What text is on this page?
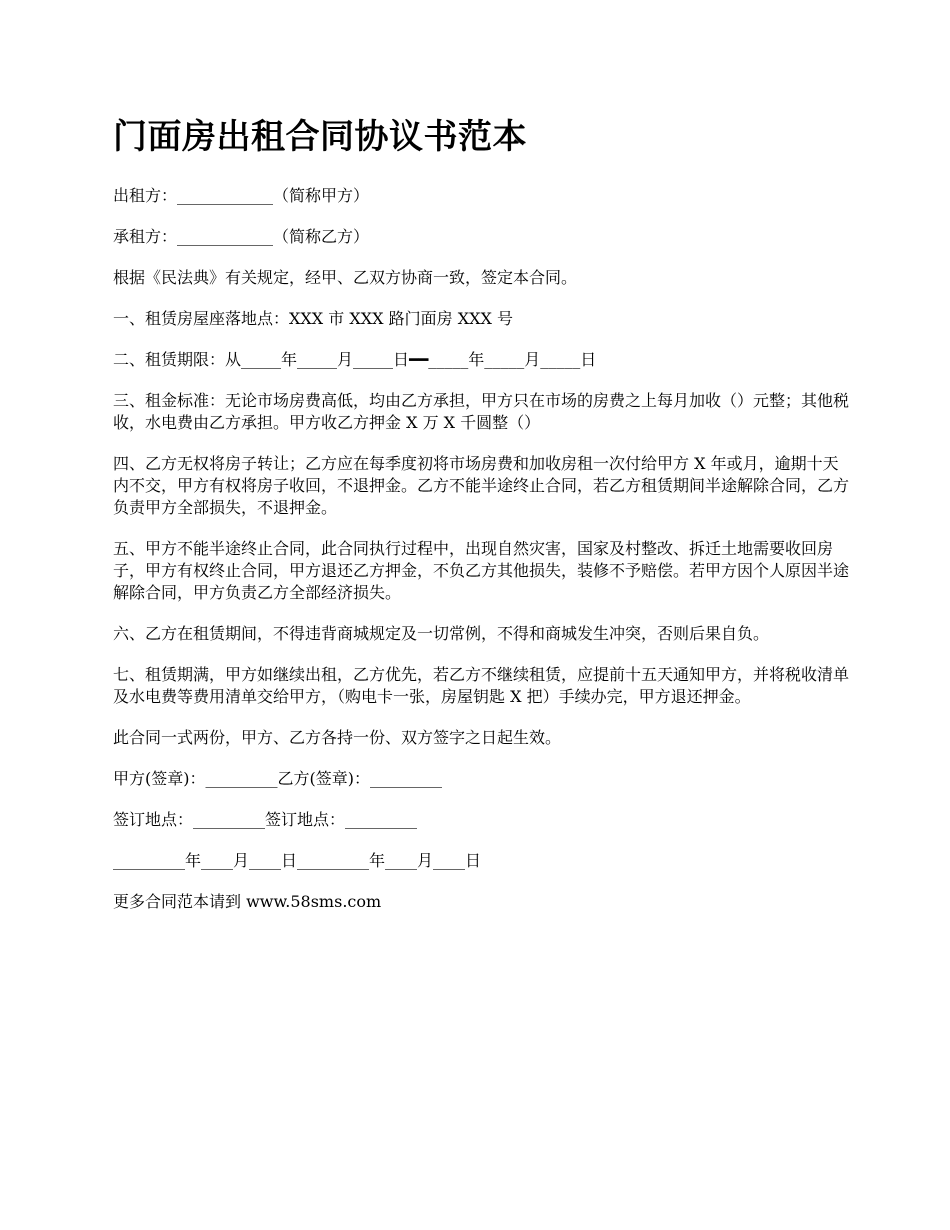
门面房出租合同协议书范本

出租方：____________（简称甲方）

承租方：____________（简称乙方）

根据《民法典》有关规定，经甲、乙双方协商一致，签定本合同。

一、租赁房屋座落地点：XXX 市 XXX 路门面房 XXX 号

二、租赁期限：从_____年_____月_____日━━_____年_____月_____日

三、租金标准：无论市场房费高低，均由乙方承担，甲方只在市场的房费之上每月加收（）元整；其他税收，水电费由乙方承担。甲方收乙方押金 X 万 X 千圆整（）

四、乙方无权将房子转让；乙方应在每季度初将市场房费和加收房租一次付给甲方 X 年或月，逾期十天内不交，甲方有权将房子收回，不退押金。乙方不能半途终止合同，若乙方租赁期间半途解除合同，乙方负责甲方全部损失，不退押金。

五、甲方不能半途终止合同，此合同执行过程中，出现自然灾害，国家及村整改、拆迁土地需要收回房子，甲方有权终止合同，甲方退还乙方押金，不负乙方其他损失，装修不予赔偿。若甲方因个人原因半途解除合同，甲方负责乙方全部经济损失。

六、乙方在租赁期间，不得违背商城规定及一切常例，不得和商城发生冲突，否则后果自负。

七、租赁期满，甲方如继续出租，乙方优先，若乙方不继续租赁，应提前十五天通知甲方，并将税收清单及水电费等费用清单交给甲方，（购电卡一张，房屋钥匙 X 把）手续办完，甲方退还押金。

此合同一式两份，甲方、乙方各持一份、双方签字之日起生效。

甲方(签章)：_________乙方(签章)：_________

签订地点：_________签订地点：_________

_________年____月____日_________年____月____日

更多合同范本请到 www.58sms.com
